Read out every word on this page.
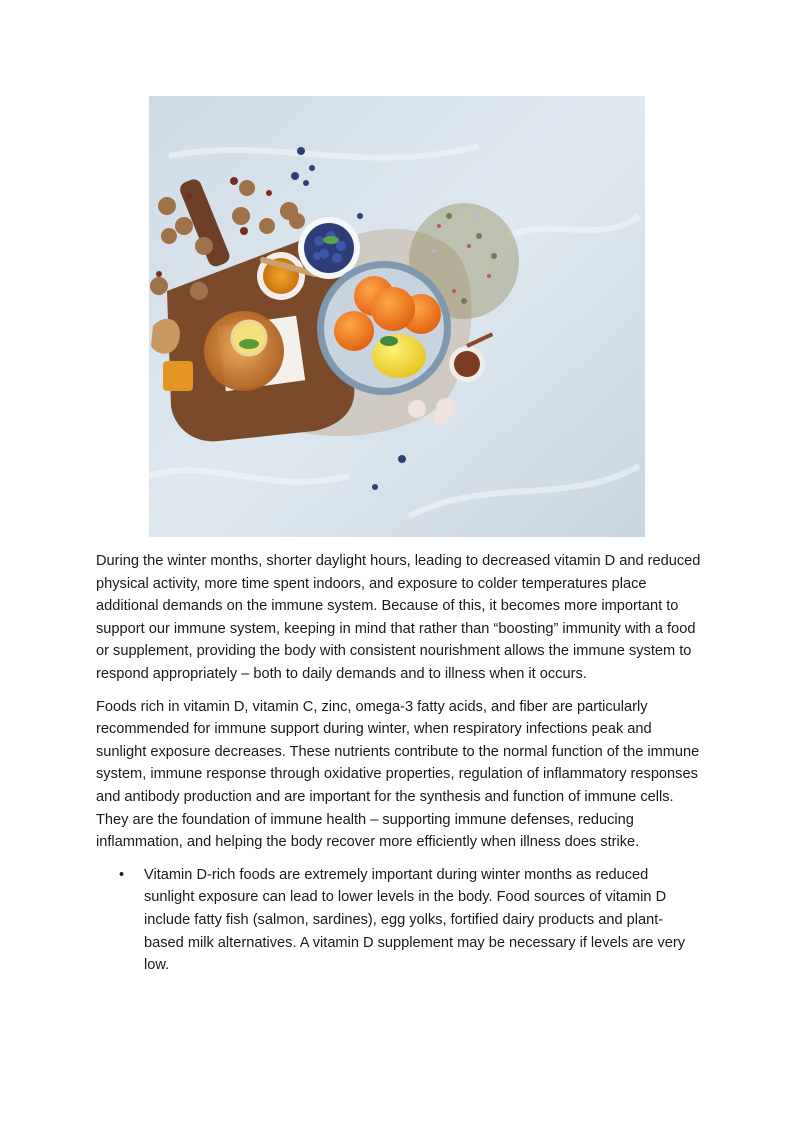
During the winter months, shorter daylight hours, leading to decreased vitamin D and reduced physical activity, more time spent indoors, and exposure to colder temperatures place additional demands on the immune system. Because of this, it becomes more important to support our immune system, keeping in mind that rather than “boosting” immunity with a food or supplement, providing the body with consistent nourishment allows the immune system to respond appropriately – both to daily demands and to illness when it occurs.

Foods rich in vitamin D, vitamin C, zinc, omega-3 fatty acids, and fiber are particularly recommended for immune support during winter, when respiratory infections peak and sunlight exposure decreases. These nutrients contribute to the normal function of the immune system, immune response through oxidative properties, regulation of inflammatory responses and antibody production and are important for the synthesis and function of immune cells. They are the foundation of immune health – supporting immune defenses, reducing inflammation, and helping the body recover more efficiently when illness does strike.

• Vitamin D-rich foods are extremely important during winter months as reduced sunlight exposure can lead to lower levels in the body. Food sources of vitamin D include fatty fish (salmon, sardines), egg yolks, fortified dairy products and plant-based milk alternatives. A vitamin D supplement may be necessary if levels are very low.
